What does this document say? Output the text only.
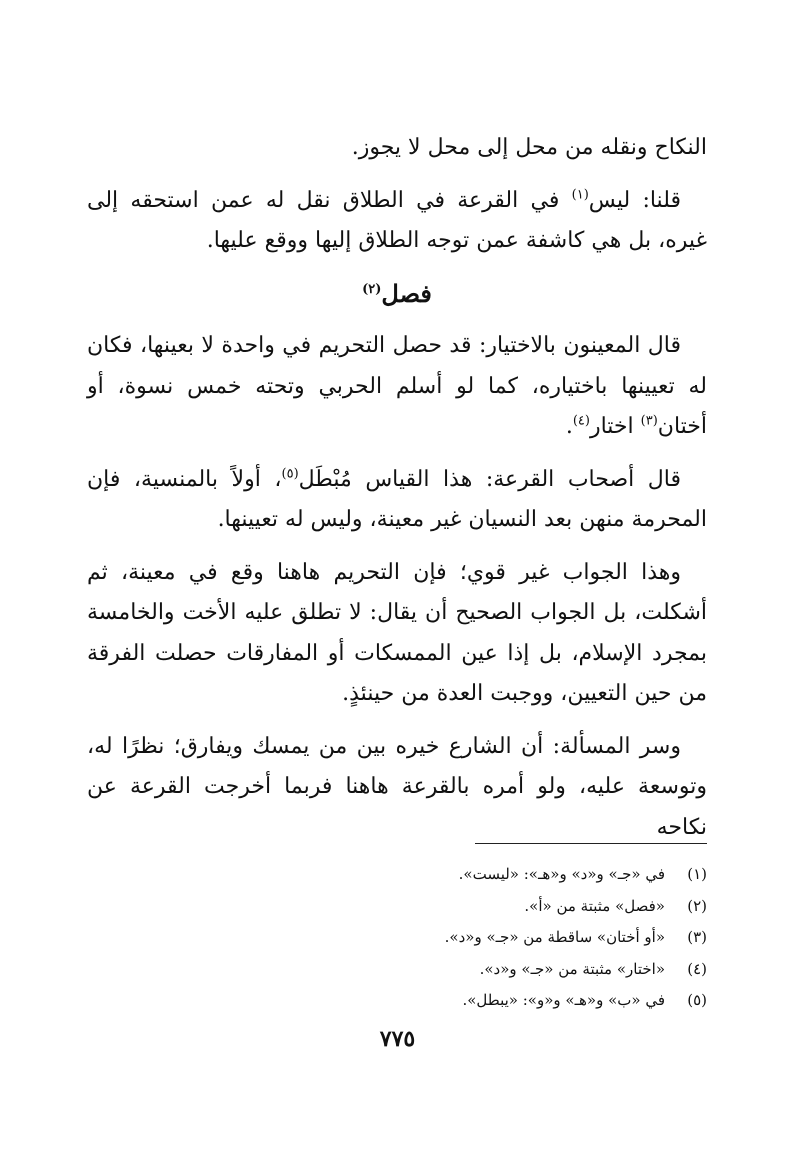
النكاح ونقله من محل إلى محل لا يجوز.

قلنا: ليس$^{(١)}$ في القرعة في الطلاق نقل له عمن استحقه إلى غيره، بل هي كاشفة عمن توجه الطلاق إليها ووقع عليها.

فصل$^{(٢)}$

قال المعينون بالاختيار: قد حصل التحريم في واحدة لا بعينها، فكان له تعيينها باختياره، كما لو أسلم الحربي وتحته خمس نسوة، أو أختان$^{(٣)}$ اختار$^{(٤)}$.

قال أصحاب القرعة: هذا القياس مُبْطَل$^{(٥)}$، أولاً بالمنسية، فإن المحرمة منهن بعد النسيان غير معينة، وليس له تعيينها.

وهذا الجواب غير قوي؛ فإن التحريم هاهنا وقع في معينة، ثم أشكلت، بل الجواب الصحيح أن يقال: لا تطلق عليه الأخت والخامسة بمجرد الإسلام، بل إذا عين الممسكات أو المفارقات حصلت الفرقة من حين التعيين، ووجبت العدة من حينئذٍ.

وسر المسألة: أن الشارع خيره بين من يمسك ويفارق؛ نظرًا له، وتوسعة عليه، ولو أمره بالقرعة هاهنا فربما أخرجت القرعة عن نكاحه

(١)
في «جـ» و«د» و«هـ»: «ليست».
(٢)
«فصل» مثبتة من «أ».
(٣)
«أو أختان» ساقطة من «جـ» و«د».
(٤)
«اختار» مثبتة من «جـ» و«د».
(٥)
في «ب» و«هـ» و«و»: «يبطل».
٧٧٥
